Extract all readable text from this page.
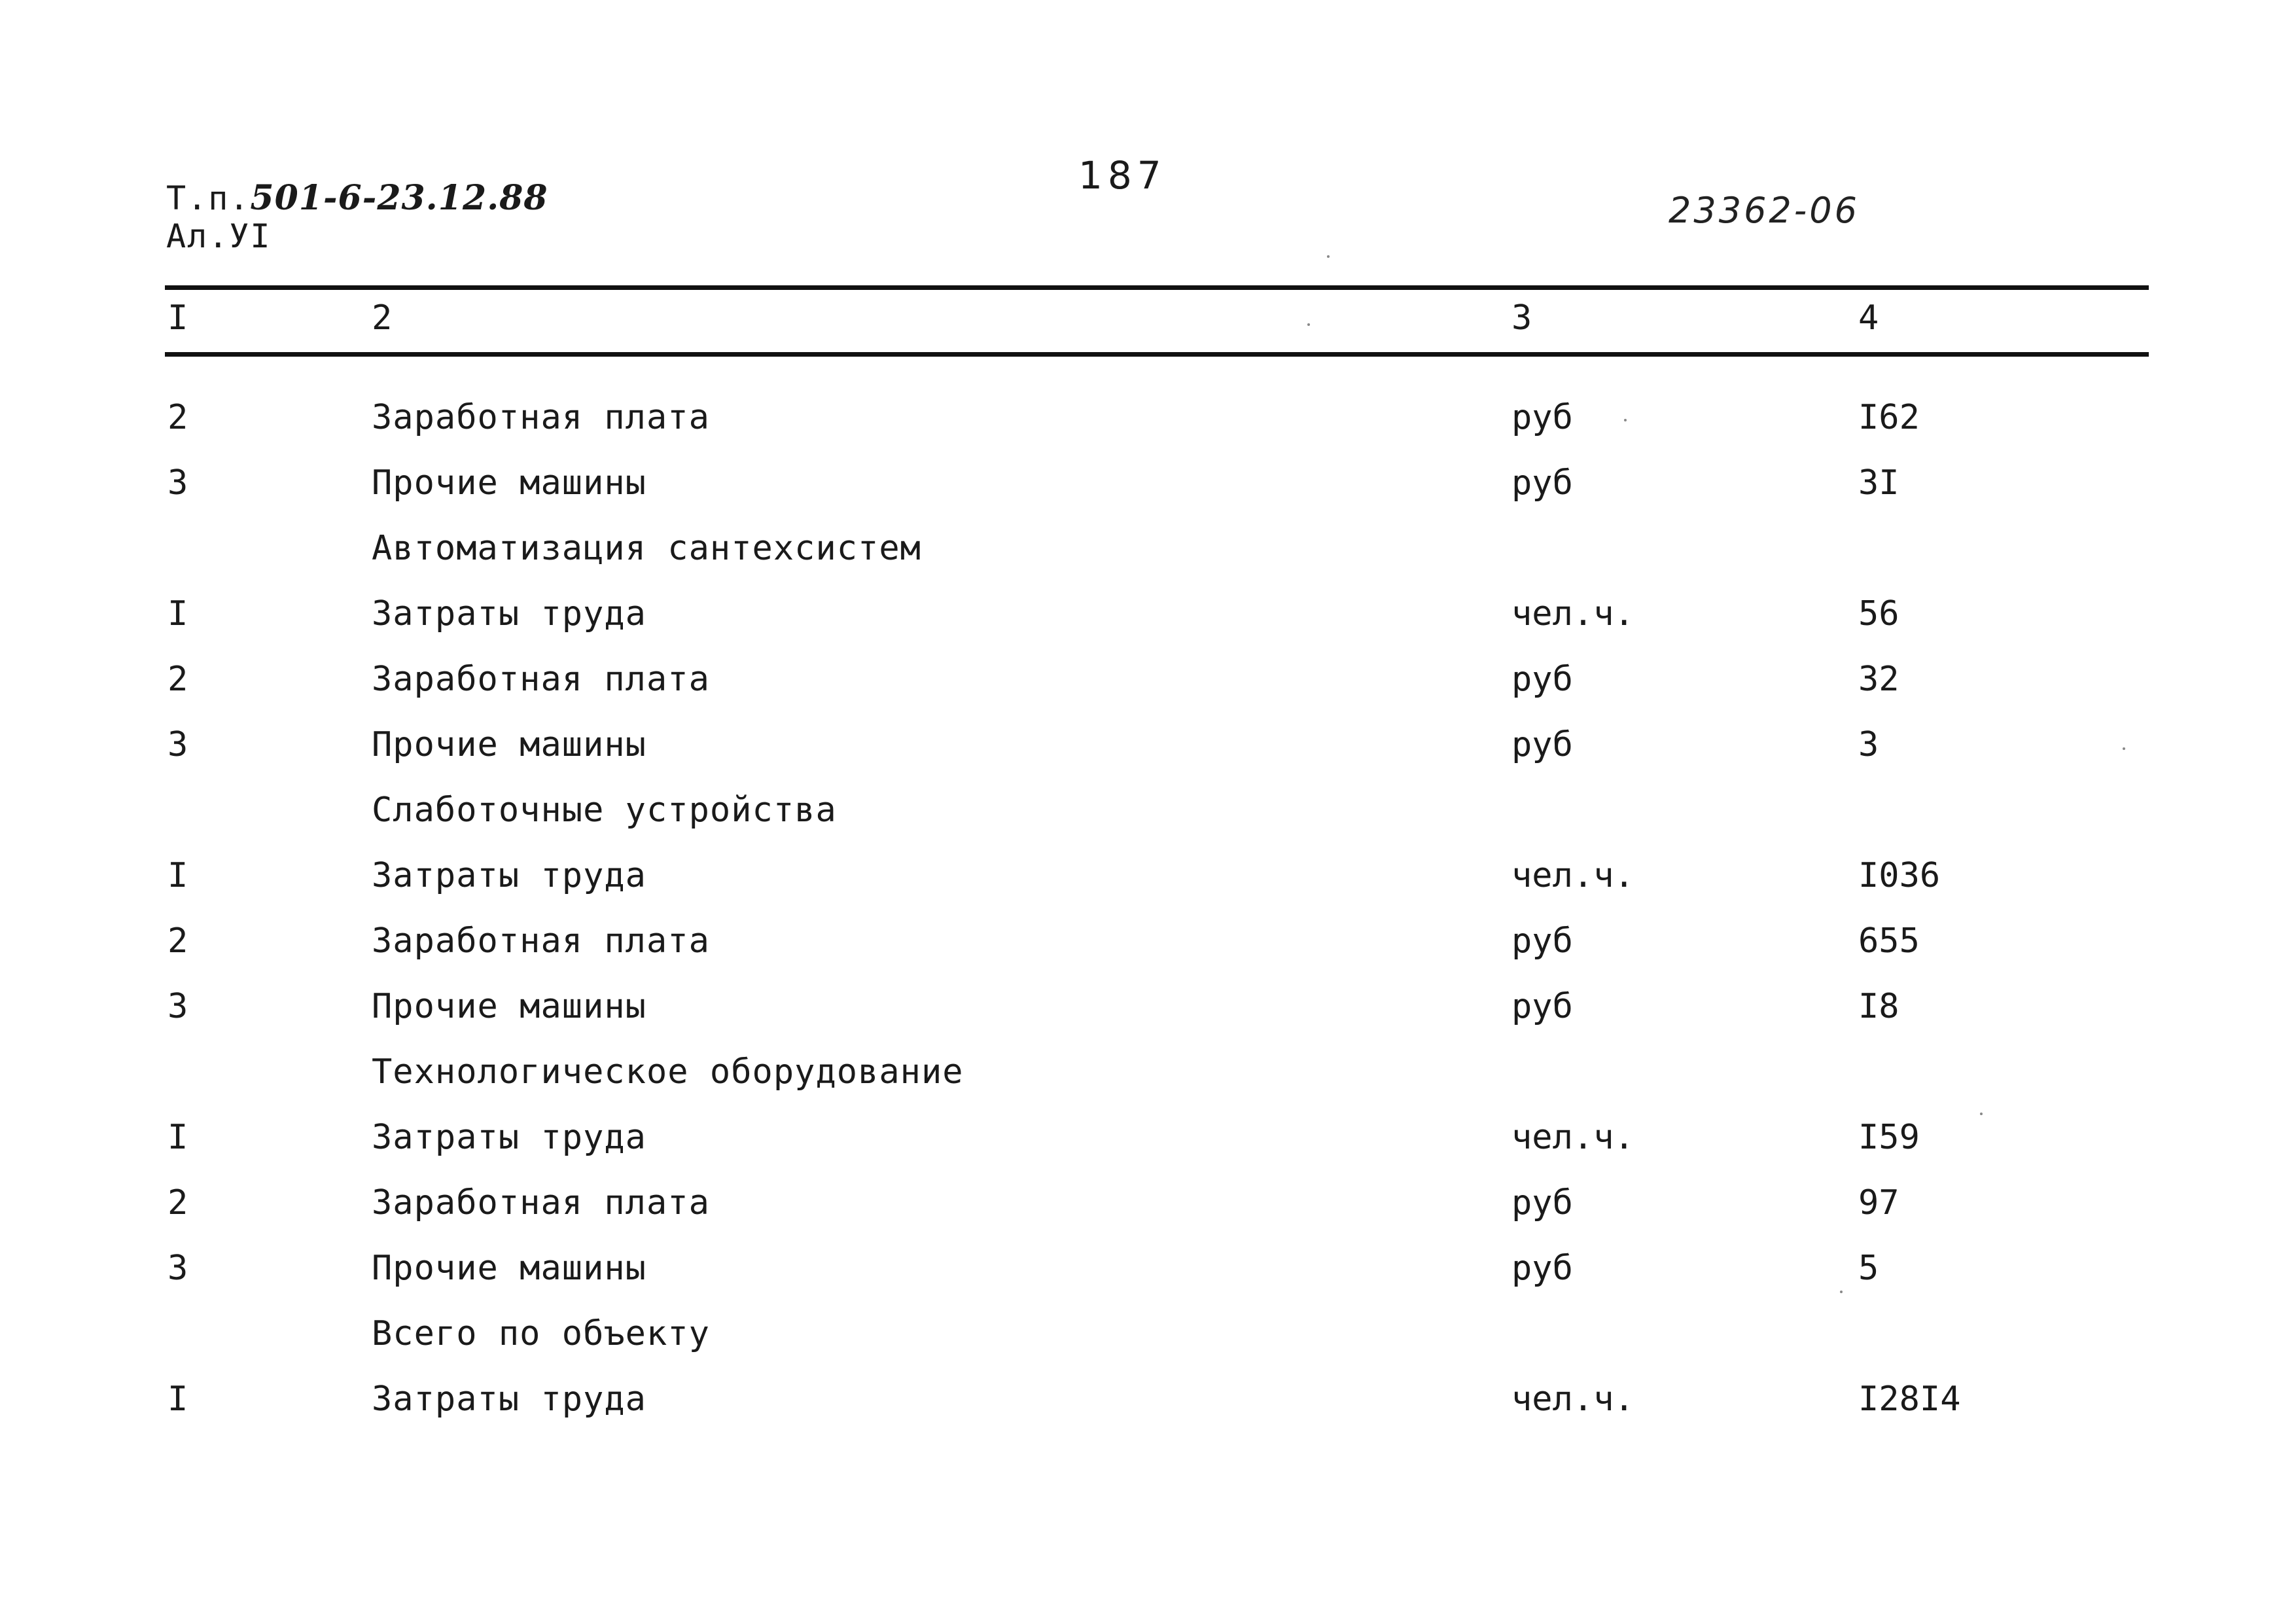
Т.п.501-6-23.12.88
Ал.УI
187
23362-06
I	2	3	4
2	Заработная плата	руб	I62
3	Прочие машины	руб	3I
Автоматизация сантехсистем
I	Затраты труда	чел.ч.	56
2	Заработная плата	руб	32
3	Прочие машины	руб	3
Слаботочные устройства
I	Затраты труда	чел.ч.	I036
2	Заработная плата	руб	655
3	Прочие машины	руб	I8
Технологическое оборудование
I	Затраты труда	чел.ч.	I59
2	Заработная плата	руб	97
3	Прочие машины	руб	5
Всего по объекту
I	Затраты труда	чел.ч.	I28I4
